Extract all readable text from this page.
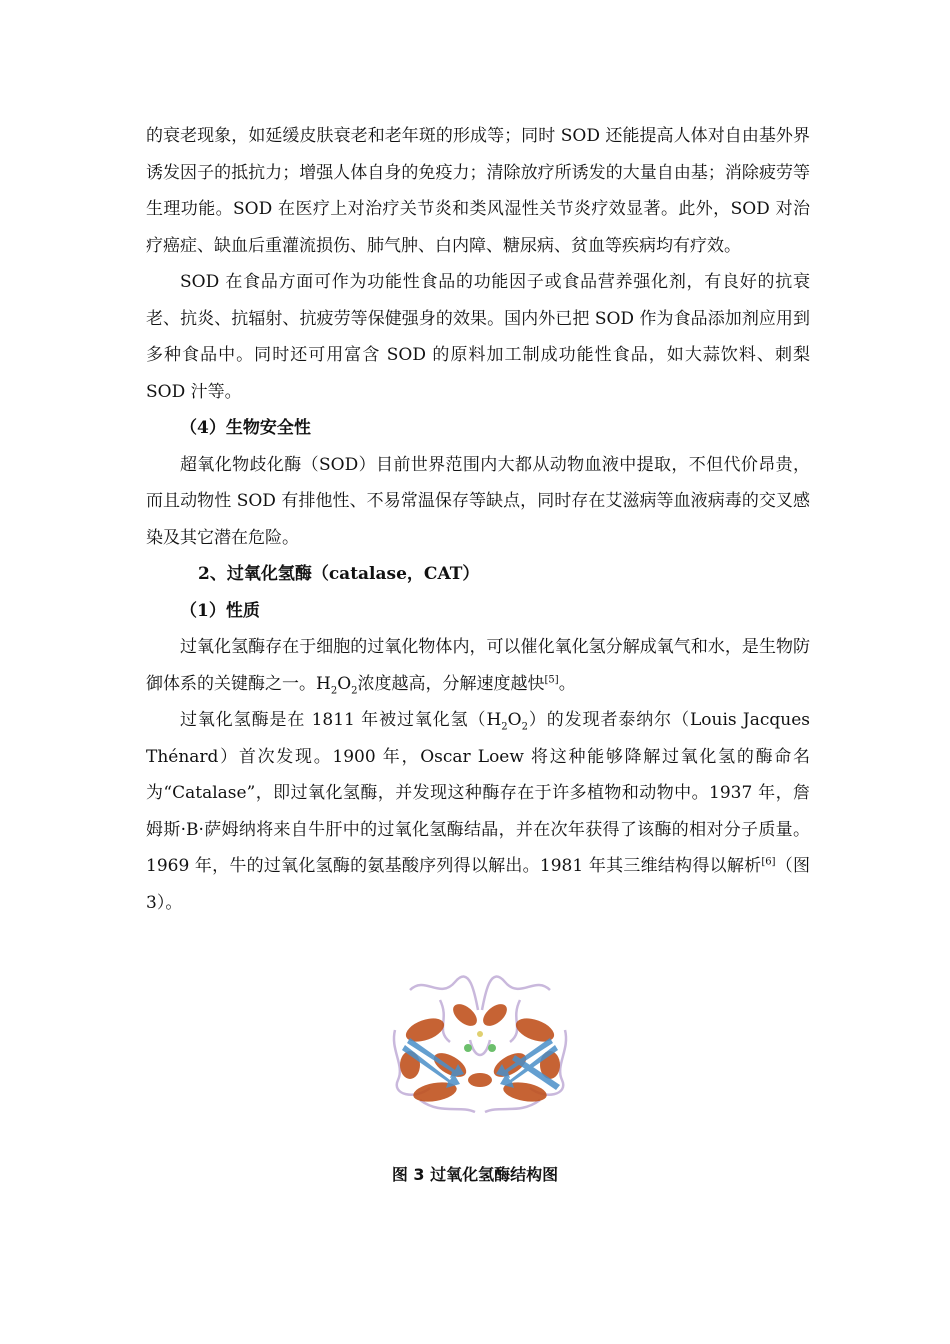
的衰老现象，如延缓皮肤衰老和老年斑的形成等；同时 SOD 还能提高人体对自由基外界诱发因子的抵抗力；增强人体自身的免疫力；清除放疗所诱发的大量自由基；消除疲劳等生理功能。SOD 在医疗上对治疗关节炎和类风湿性关节炎疗效显著。此外，SOD 对治疗癌症、缺血后重灌流损伤、肺气肿、白内障、糖尿病、贫血等疾病均有疗效。

SOD 在食品方面可作为功能性食品的功能因子或食品营养强化剂，有良好的抗衰老、抗炎、抗辐射、抗疲劳等保健强身的效果。国内外已把 SOD 作为食品添加剂应用到多种食品中。同时还可用富含 SOD 的原料加工制成功能性食品，如大蒜饮料、刺梨 SOD 汁等。

（4）生物安全性

超氧化物歧化酶（SOD）目前世界范围内大都从动物血液中提取，不但代价昂贵，而且动物性 SOD 有排他性、不易常温保存等缺点，同时存在艾滋病等血液病毒的交叉感染及其它潜在危险。

2、过氧化氢酶（catalase，CAT）

（1）性质

过氧化氢酶存在于细胞的过氧化物体内，可以催化氧化氢分解成氧气和水，是生物防御体系的关键酶之一。$H_2O_2$浓度越高，分解速度越快[5]。

过氧化氢酶是在 1811 年被过氧化氢$(H_2O_2)$的发现者泰纳尔（Louis Jacques Thénard）首次发现。1900 年，Oscar Loew 将这种能够降解过氧化氢的酶命名为“Catalase”，即过氧化氢酶，并发现这种酶存在于许多植物和动物中。1937 年，詹姆斯·B·萨姆纳将来自牛肝中的过氧化氢酶结晶，并在次年获得了该酶的相对分子质量。1969 年，牛的过氧化氢酶的氨基酸序列得以解出。1981 年其三维结构得以解析[6]（图 3）。

图 3 过氧化氢酶结构图
